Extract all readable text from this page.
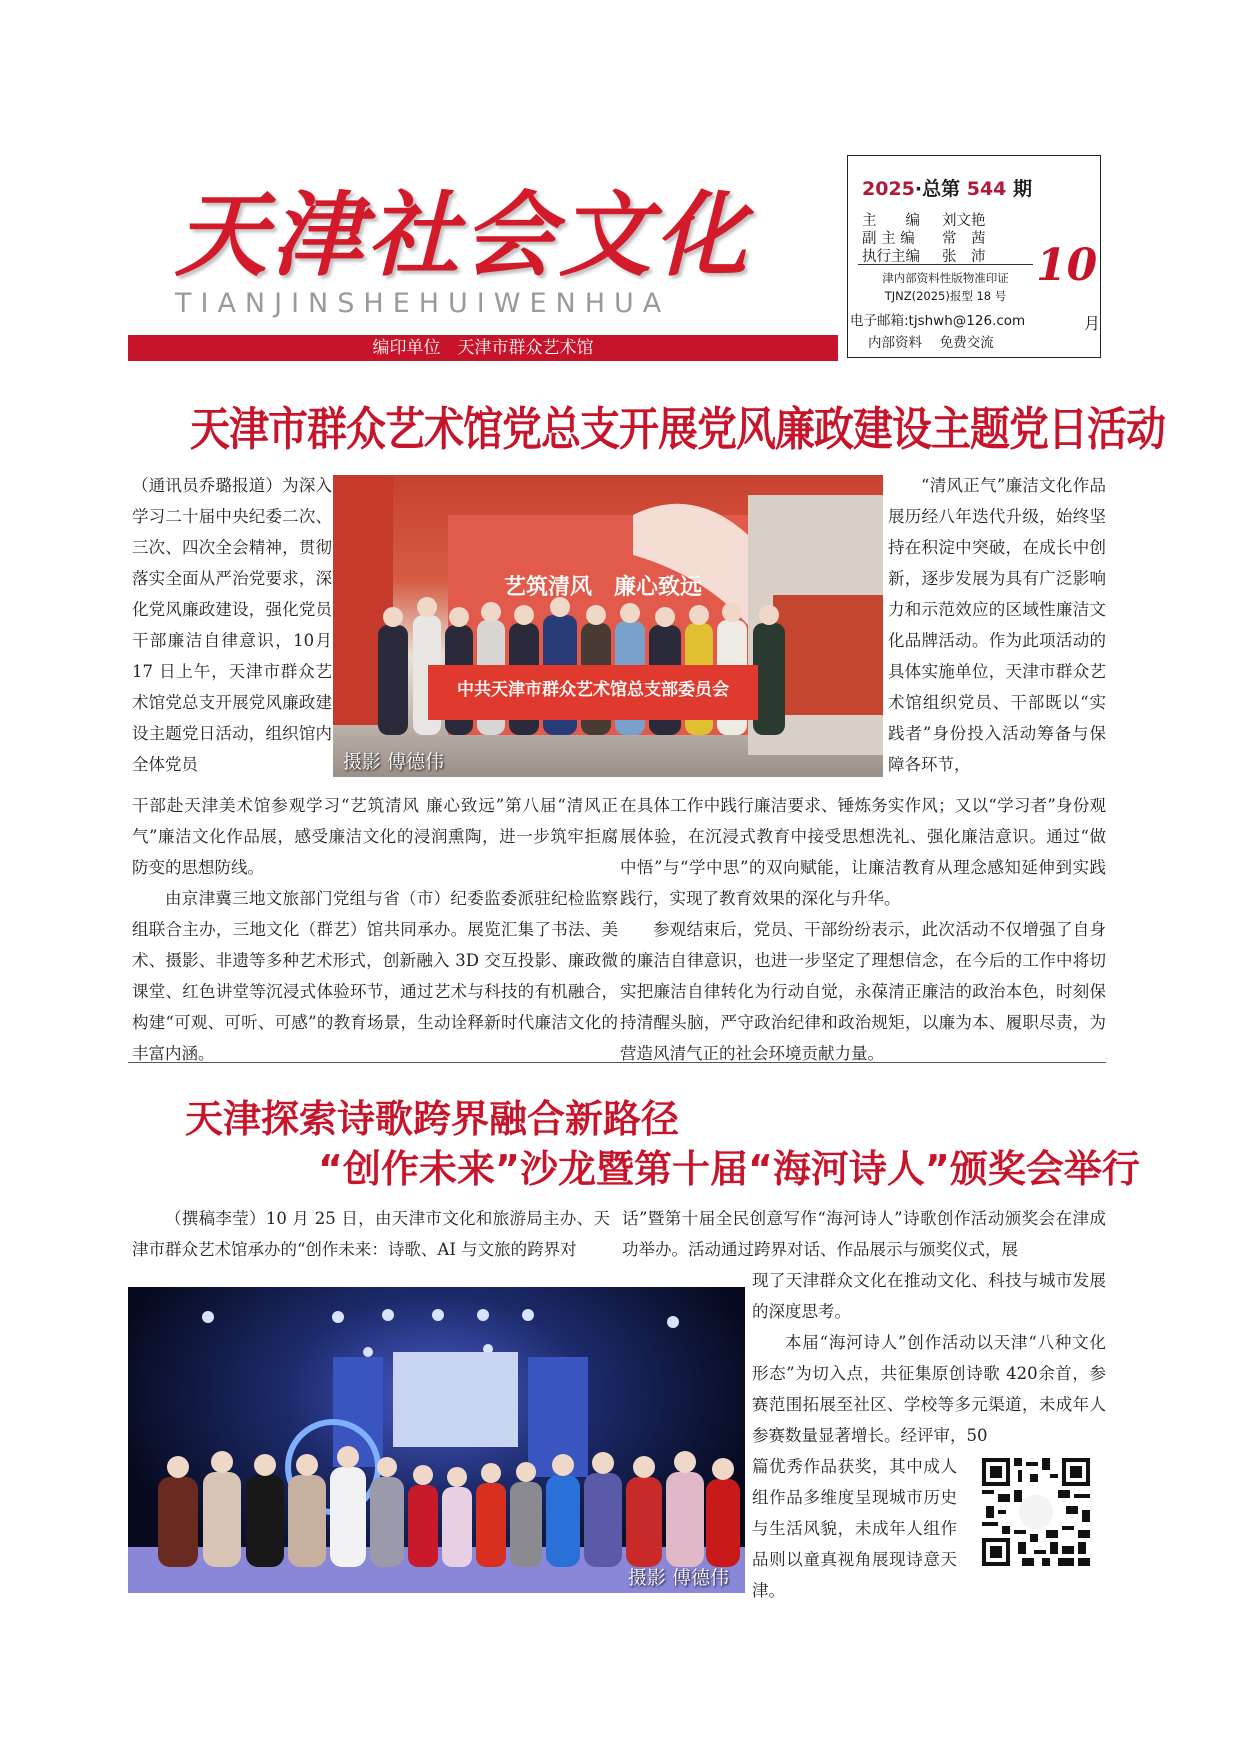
天津社会文化
TIANJINSHEHUIWENHUA
编印单位　天津市群众艺术馆
2025·总第 544 期
主　　编 刘文艳
副 主 编 常　茜
执行主编 张　沛
津内部资料性版物准印证
TJNZ(2025)报型 18 号
电子邮箱:tjshwh@126.com
内部资料　 免费交流
10
月
天津市群众艺术馆党总支开展党风廉政建设主题党日活动

（通讯员乔璐报道）为深入学习二十届中央纪委二次、三次、四次全会精神，贯彻落实全面从严治党要求，深化党风廉政建设，强化党员干部廉洁自律意识，10月 17 日上午，天津市群众艺术馆党总支开展党风廉政建设主题党日活动，组织馆内全体党员

中共天津市群众艺术馆总支部委员会
艺筑清风　廉心致远
摄影 傅德伟

“清风正气”廉洁文化作品展历经八年迭代升级，始终坚持在积淀中突破，在成长中创新，逐步发展为具有广泛影响力和示范效应的区域性廉洁文化品牌活动。作为此项活动的具体实施单位，天津市群众艺术馆组织党员、干部既以“实践者”身份投入活动筹备与保障各环节，

干部赴天津美术馆参观学习“艺筑清风 廉心致远”第八届“清风正气”廉洁文化作品展，感受廉洁文化的浸润熏陶，进一步筑牢拒腐防变的思想防线。

由京津冀三地文旅部门党组与省（市）纪委监委派驻纪检监察组联合主办，三地文化（群艺）馆共同承办。展览汇集了书法、美术、摄影、非遗等多种艺术形式，创新融入 3D 交互投影、廉政微课堂、红色讲堂等沉浸式体验环节，通过艺术与科技的有机融合，构建“可观、可听、可感”的教育场景，生动诠释新时代廉洁文化的丰富内涵。

在具体工作中践行廉洁要求、锤炼务实作风；又以“学习者”身份观展体验，在沉浸式教育中接受思想洗礼、强化廉洁意识。通过“做中悟”与“学中思”的双向赋能，让廉洁教育从理念感知延伸到实践践行，实现了教育效果的深化与升华。

参观结束后，党员、干部纷纷表示，此次活动不仅增强了自身的廉洁自律意识，也进一步坚定了理想信念，在今后的工作中将切实把廉洁自律转化为行动自觉，永葆清正廉洁的政治本色，时刻保持清醒头脑，严守政治纪律和政治规矩，以廉为本、履职尽责，为营造风清气正的社会环境贡献力量。

天津探索诗歌跨界融合新路径
“创作未来”沙龙暨第十届“海河诗人”颁奖会举行

（撰稿李莹）10 月 25 日，由天津市文化和旅游局主办、天津市群众艺术馆承办的“创作未来：诗歌、AI 与文旅的跨界对

话”暨第十届全民创意写作“海河诗人”诗歌创作活动颁奖会在津成功举办。活动通过跨界对话、作品展示与颁奖仪式，展

摄影 傅德伟

现了天津群众文化在推动文化、科技与城市发展的深度思考。

本届“海河诗人”创作活动以天津“八种文化形态”为切入点，共征集原创诗歌 420余首，参赛范围拓展至社区、学校等多元渠道，未成年人参赛数量显著增长。经评审，50

篇优秀作品获奖，其中成人组作品多维度呈现城市历史与生活风貌，未成年人组作品则以童真视角展现诗意天津。
